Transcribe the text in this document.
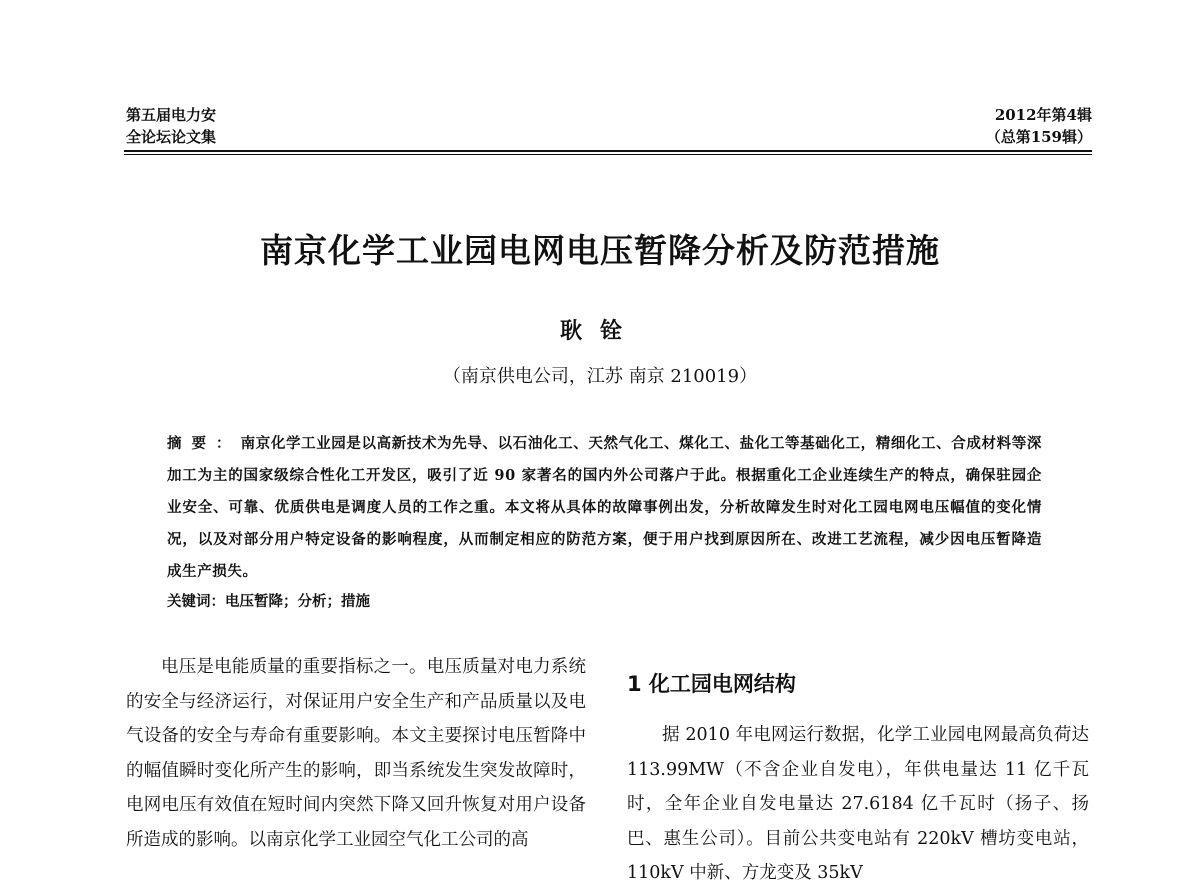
第五届电力安
全论坛论文集
2012年第4辑
（总第159辑）
南京化学工业园电网电压暂降分析及防范措施
耿铨
（南京供电公司，江苏 南京 210019）
摘要：南京化学工业园是以高新技术为先导、以石油化工、天然气化工、煤化工、盐化工等基础化工，精细化工、合成材料等深加工为主的国家级综合性化工开发区，吸引了近 90 家著名的国内外公司落户于此。根据重化工企业连续生产的特点，确保驻园企业安全、可靠、优质供电是调度人员的工作之重。本文将从具体的故障事例出发，分析故障发生时对化工园电网电压幅值的变化情况，以及对部分用户特定设备的影响程度，从而制定相应的防范方案，便于用户找到原因所在、改进工艺流程，减少因电压暂降造成生产损失。
关键词：电压暂降；分析；措施
电压是电能质量的重要指标之一。电压质量对电力系统的安全与经济运行，对保证用户安全生产和产品质量以及电气设备的安全与寿命有重要影响。本文主要探讨电压暂降中的幅值瞬时变化所产生的影响，即当系统发生突发故障时，电网电压有效值在短时间内突然下降又回升恢复对用户设备所造成的影响。以南京化学工业园空气化工公司的高
1 化工园电网结构
据 2010 年电网运行数据，化学工业园电网最高负荷达 113.99MW（不含企业自发电），年供电量达 11 亿千瓦时，全年企业自发电量达 27.6184 亿千瓦时（扬子、扬巴、惠生公司）。目前公共变电站有 220kV 槽坊变电站，110kV 中新、方龙变及 35kV
